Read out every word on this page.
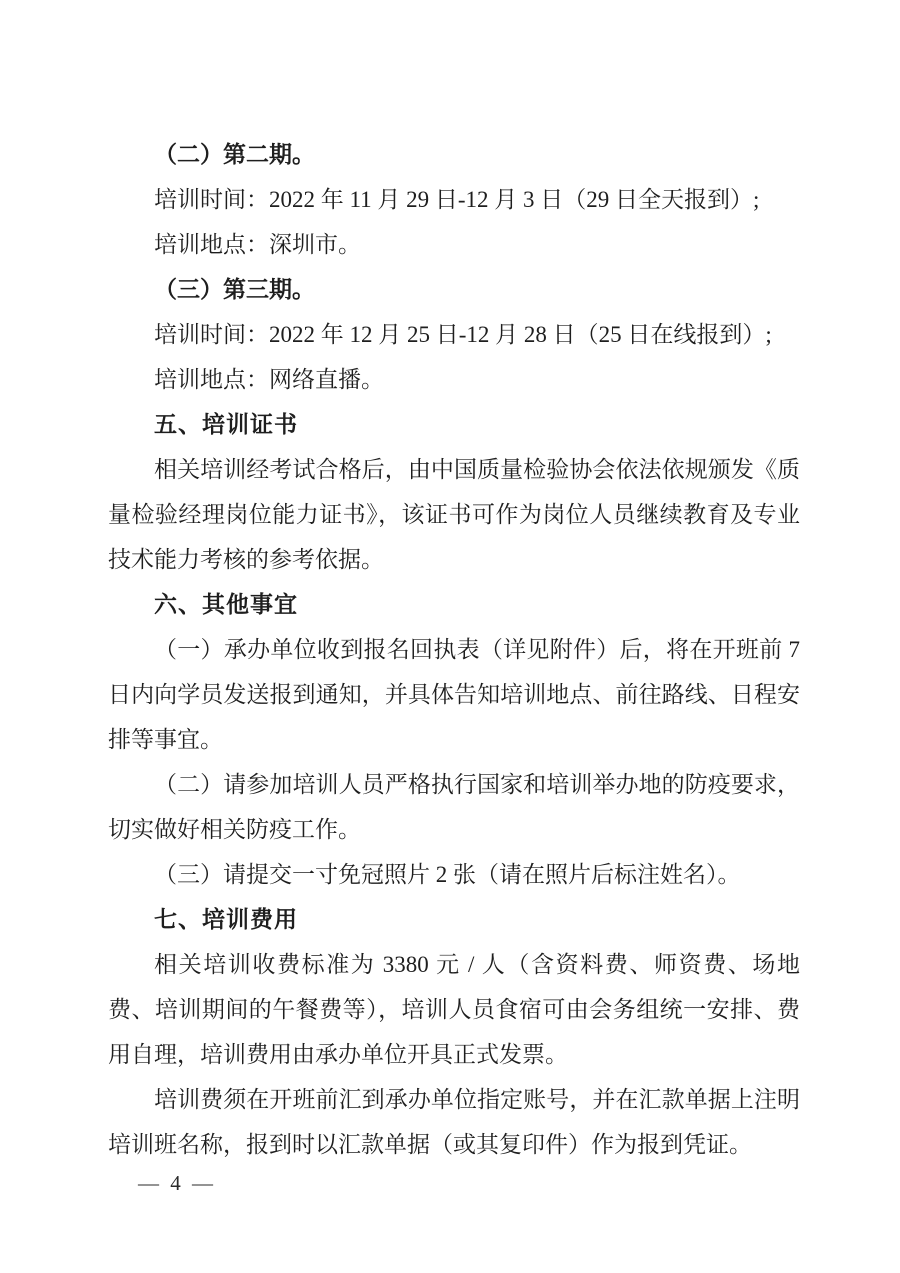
（二）第二期。

培训时间：2022 年 11 月 29 日-12 月 3 日（29 日全天报到）;

培训地点：深圳市。

（三）第三期。

培训时间：2022 年 12 月 25 日-12 月 28 日（25 日在线报到）;

培训地点：网络直播。

五、培训证书

相关培训经考试合格后，由中国质量检验协会依法依规颁发《质量检验经理岗位能力证书》，该证书可作为岗位人员继续教育及专业技术能力考核的参考依据。

六、其他事宜

（一）承办单位收到报名回执表（详见附件）后，将在开班前 7 日内向学员发送报到通知，并具体告知培训地点、前往路线、日程安排等事宜。

（二）请参加培训人员严格执行国家和培训举办地的防疫要求，切实做好相关防疫工作。

（三）请提交一寸免冠照片 2 张（请在照片后标注姓名）。

七、培训费用

相关培训收费标准为 3380 元 / 人（含资料费、师资费、场地费、培训期间的午餐费等），培训人员食宿可由会务组统一安排、费用自理，培训费用由承办单位开具正式发票。

培训费须在开班前汇到承办单位指定账号，并在汇款单据上注明培训班名称，报到时以汇款单据（或其复印件）作为报到凭证。

— 4 —
